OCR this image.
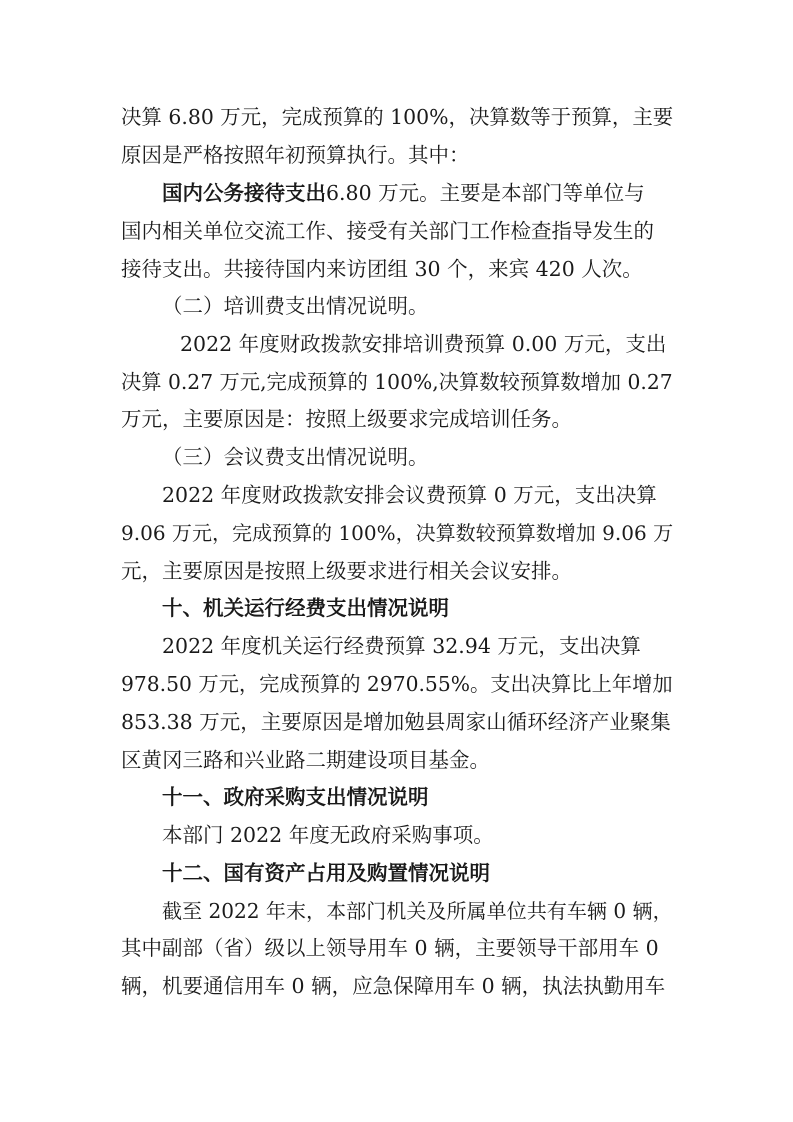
决算 6.80 万元，完成预算的 100%，决算数等于预算，主要
原因是严格按照年初预算执行。其中：
国内公务接待支出 6.80 万元。主要是本部门等单位与
国内相关单位交流工作、接受有关部门工作检查指导发生的
接待支出。共接待国内来访团组 30 个，来宾 420 人次。
（二）培训费支出情况说明。
2022 年度财政拨款安排培训费预算 0.00 万元，支出
决算 0.27 万元,完成预算的 100%,决算数较预算数增加 0.27
万元，主要原因是：按照上级要求完成培训任务。
（三）会议费支出情况说明。
2022 年度财政拨款安排会议费预算 0 万元，支出决算
9.06 万元，完成预算的 100%，决算数较预算数增加 9.06 万
元，主要原因是按照上级要求进行相关会议安排。
十、机关运行经费支出情况说明
2022 年度机关运行经费预算 32.94 万元，支出决算
978.50 万元，完成预算的 2970.55%。支出决算比上年增加
853.38 万元，主要原因是增加勉县周家山循环经济产业聚集
区黄冈三路和兴业路二期建设项目基金。
十一、政府采购支出情况说明
本部门 2022 年度无政府采购事项。
十二、国有资产占用及购置情况说明
截至 2022 年末，本部门机关及所属单位共有车辆 0 辆，
其中副部（省）级以上领导用车 0 辆，主要领导干部用车 0
辆，机要通信用车 0 辆，应急保障用车 0 辆，执法执勤用车
